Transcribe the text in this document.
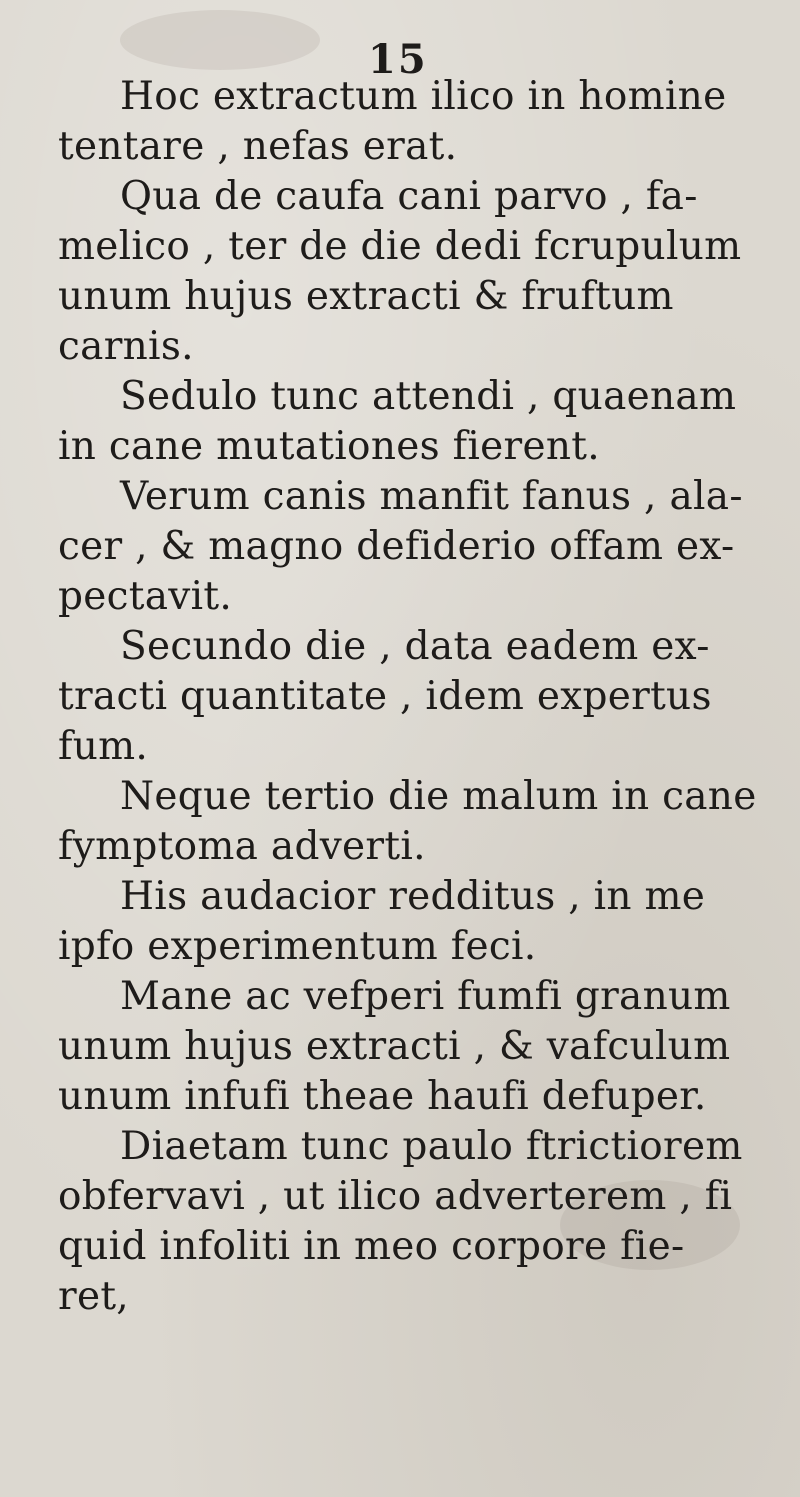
15
Hoc extractum ilico in homine
tentare , nefas erat.
Qua de caufa cani parvo , fa-
melico , ter de die dedi fcrupulum
unum hujus extracti & fruftum
carnis.
Sedulo tunc attendi , quaenam
in cane mutationes fierent.
Verum canis manfit fanus , ala-
cer , & magno defiderio offam ex-
pectavit.
Secundo die , data eadem ex-
tracti quantitate , idem expertus
fum.
Neque tertio die malum in cane
fymptoma adverti.
His audacior redditus , in me
ipfo experimentum feci.
Mane ac vefperi fumfi granum
unum hujus extracti , & vafculum
unum infufi theae haufi defuper.
Diaetam tunc paulo ftrictiorem
obfervavi , ut ilico adverterem , fi
quid infoliti in meo corpore fie-
ret,
